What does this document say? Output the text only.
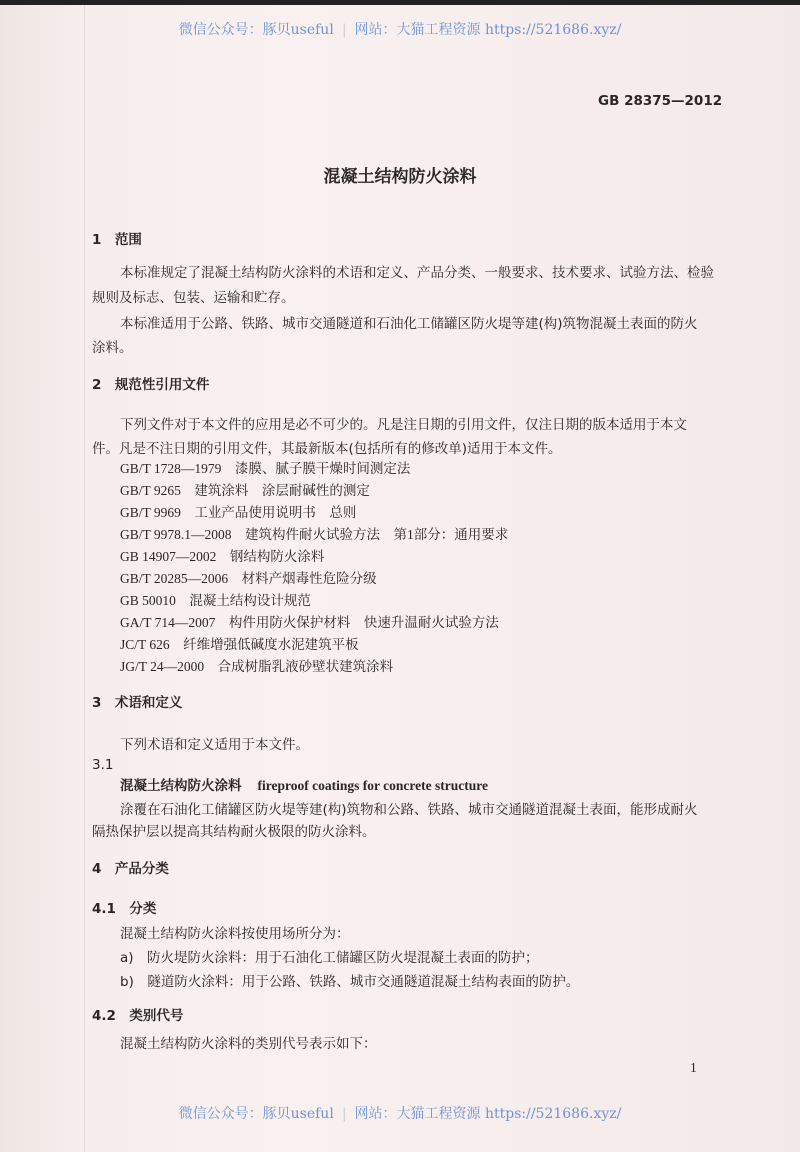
微信公众号：豚贝useful | 网站：大猫工程资源 https://521686.xyz/
GB 28375—2012
混凝土结构防火涂料
1　范围
本标准规定了混凝土结构防火涂料的术语和定义、产品分类、一般要求、技术要求、试验方法、检验
规则及标志、包装、运输和贮存。
本标准适用于公路、铁路、城市交通隧道和石油化工储罐区防火堤等建(构)筑物混凝土表面的防火
涂料。
2　规范性引用文件
下列文件对于本文件的应用是必不可少的。凡是注日期的引用文件，仅注日期的版本适用于本文
件。凡是不注日期的引用文件，其最新版本(包括所有的修改单)适用于本文件。
GB/T 1728—1979　漆膜、腻子膜干燥时间测定法
GB/T 9265　建筑涂料　涂层耐碱性的测定
GB/T 9969　工业产品使用说明书　总则
GB/T 9978.1—2008　建筑构件耐火试验方法　第1部分：通用要求
GB 14907—2002　钢结构防火涂料
GB/T 20285—2006　材料产烟毒性危险分级
GB 50010　混凝土结构设计规范
GA/T 714—2007　构件用防火保护材料　快速升温耐火试验方法
JC/T 626　纤维增强低碱度水泥建筑平板
JG/T 24—2000　合成树脂乳液砂壁状建筑涂料
3　术语和定义
下列术语和定义适用于本文件。
3.1
混凝土结构防火涂料 fireproof coatings for concrete structure
涂覆在石油化工储罐区防火堤等建(构)筑物和公路、铁路、城市交通隧道混凝土表面，能形成耐火
隔热保护层以提高其结构耐火极限的防火涂料。
4　产品分类
4.1　分类
混凝土结构防火涂料按使用场所分为：
a)　防火堤防火涂料：用于石油化工储罐区防火堤混凝土表面的防护；
b)　隧道防火涂料：用于公路、铁路、城市交通隧道混凝土结构表面的防护。
4.2　类别代号
混凝土结构防火涂料的类别代号表示如下：
1
微信公众号：豚贝useful | 网站：大猫工程资源 https://521686.xyz/
